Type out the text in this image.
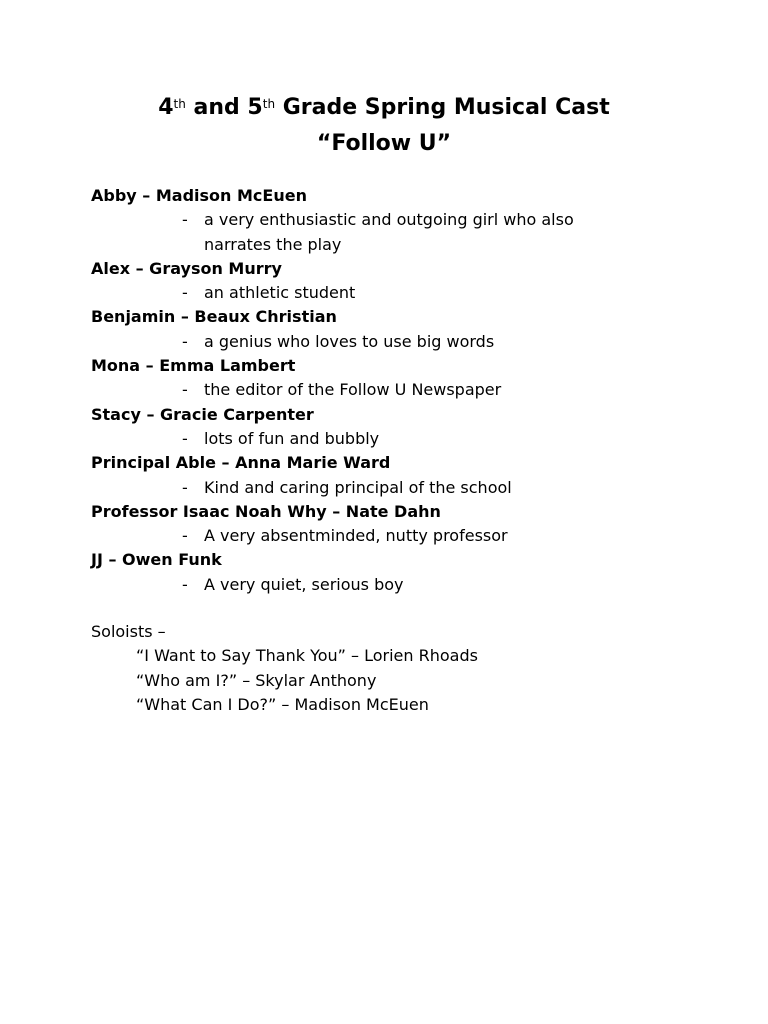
4th and 5th Grade Spring Musical Cast
“Follow U”
Abby – Madison McEuen
- a very enthusiastic and outgoing girl who also
narrates the play
Alex – Grayson Murry
- an athletic student
Benjamin – Beaux Christian
- a genius who loves to use big words
Mona – Emma Lambert
- the editor of the Follow U Newspaper
Stacy – Gracie Carpenter
- lots of fun and bubbly
Principal Able – Anna Marie Ward
- Kind and caring principal of the school
Professor Isaac Noah Why – Nate Dahn
- A very absentminded, nutty professor
JJ – Owen Funk
- A very quiet, serious boy
Soloists –
“I Want to Say Thank You” – Lorien Rhoads
“Who am I?” – Skylar Anthony
“What Can I Do?” – Madison McEuen
